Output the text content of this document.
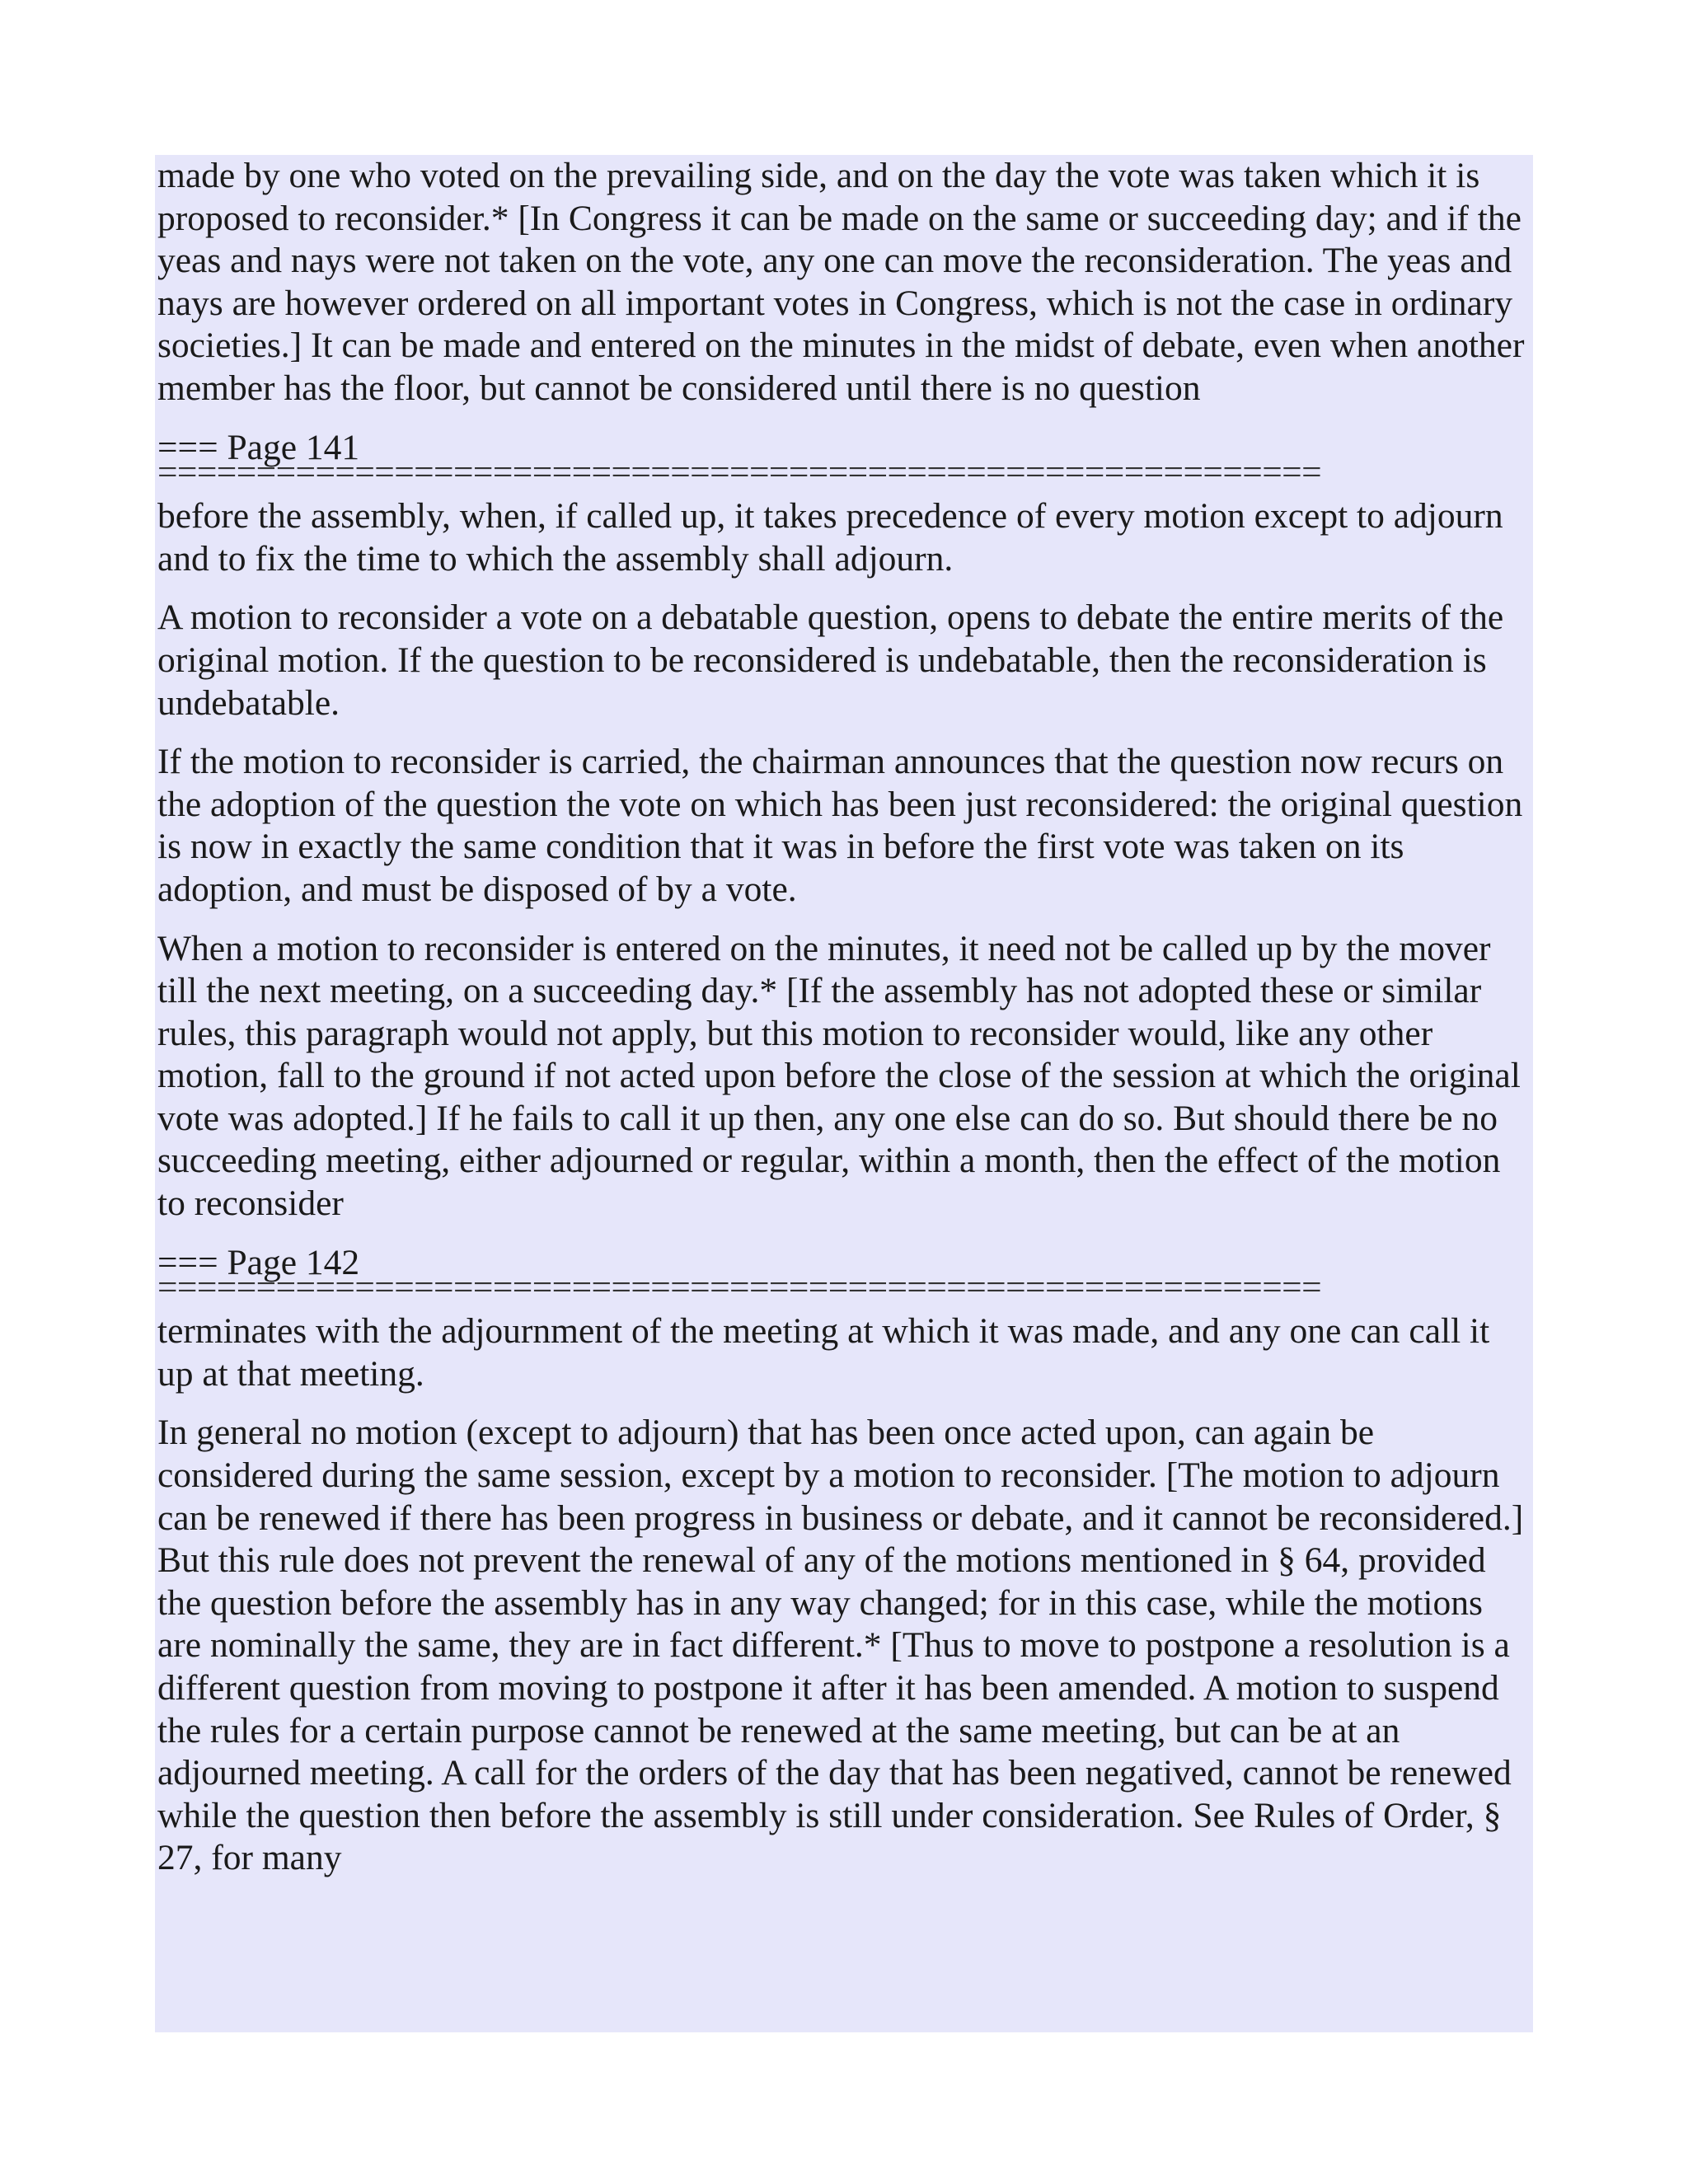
made by one who voted on the prevailing side, and on the day the vote was taken which it is proposed to reconsider.* [In Congress it can be made on the same or succeeding day; and if the yeas and nays were not taken on the vote, any one can move the reconsideration. The yeas and nays are however ordered on all important votes in Congress, which is not the case in ordinary societies.] It can be made and entered on the minutes in the midst of debate, even when another member has the floor, but cannot be considered until there is no question

=== Page 141

before the assembly, when, if called up, it takes precedence of every motion except to adjourn and to fix the time to which the assembly shall adjourn.

A motion to reconsider a vote on a debatable question, opens to debate the entire merits of the original motion. If the question to be reconsidered is undebatable, then the reconsideration is undebatable.

If the motion to reconsider is carried, the chairman announces that the question now recurs on the adoption of the question the vote on which has been just reconsidered: the original question is now in exactly the same condition that it was in before the first vote was taken on its adoption, and must be disposed of by a vote.

When a motion to reconsider is entered on the minutes, it need not be called up by the mover till the next meeting, on a succeeding day.* [If the assembly has not adopted these or similar rules, this paragraph would not apply, but this motion to reconsider would, like any other motion, fall to the ground if not acted upon before the close of the session at which the original vote was adopted.] If he fails to call it up then, any one else can do so. But should there be no succeeding meeting, either adjourned or regular, within a month, then the effect of the motion to reconsider

=== Page 142

terminates with the adjournment of the meeting at which it was made, and any one can call it up at that meeting.

In general no motion (except to adjourn) that has been once acted upon, can again be considered during the same session, except by a motion to reconsider. [The motion to adjourn can be renewed if there has been progress in business or debate, and it cannot be reconsidered.] But this rule does not prevent the renewal of any of the motions mentioned in § 64, provided the question before the assembly has in any way changed; for in this case, while the motions are nominally the same, they are in fact different.* [Thus to move to postpone a resolution is a different question from moving to postpone it after it has been amended. A motion to suspend the rules for a certain purpose cannot be renewed at the same meeting, but can be at an adjourned meeting. A call for the orders of the day that has been negatived, cannot be renewed while the question then before the assembly is still under consideration. See Rules of Order, § 27, for many
